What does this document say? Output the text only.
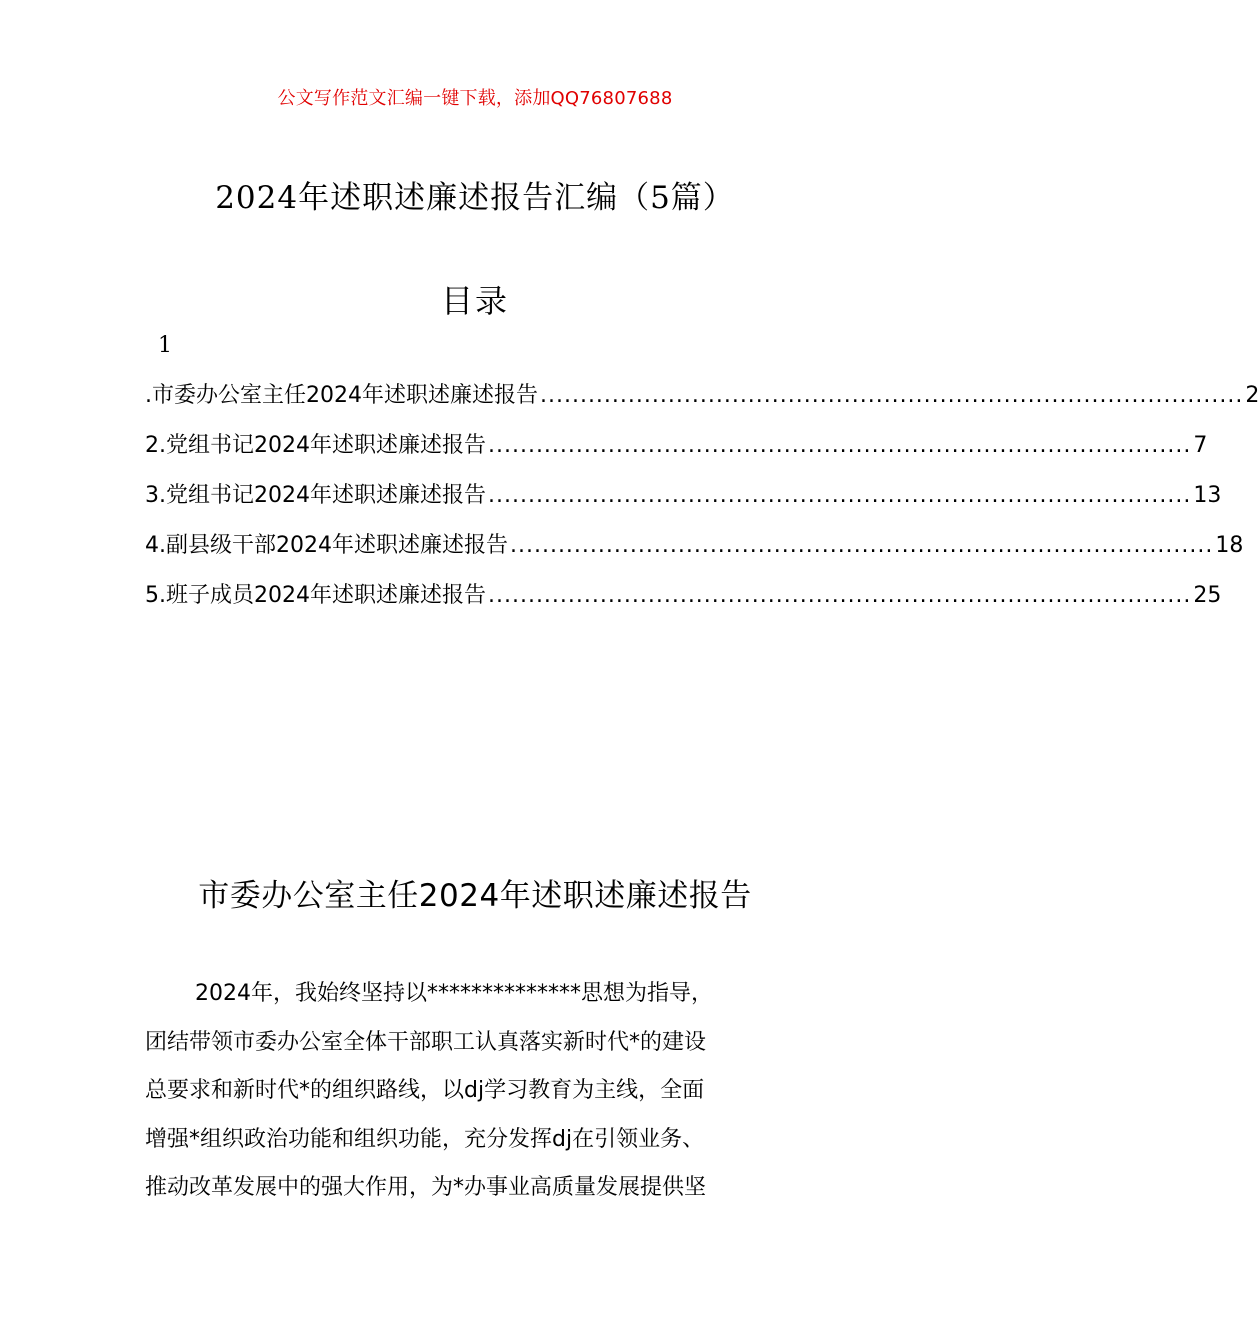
公文写作范文汇编一键下载，添加QQ76807688
2024年述职述廉述报告汇编（5篇）
目录
1
.市委办公室主任2024年述职述廉述报告 ........................................................................................ 2
2.党组书记2024年述职述廉述报告 ........................................................................................ 7
3.党组书记2024年述职述廉述报告 ........................................................................................ 13
4.副县级干部2024年述职述廉述报告 ........................................................................................ 18
5.班子成员2024年述职述廉述报告 ........................................................................................ 25
市委办公室主任2024年述职述廉述报告
2024年，我始终坚持以**************思想为指导，
团结带领市委办公室全体干部职工认真落实新时代*的建设
总要求和新时代*的组织路线，以dj学习教育为主线，全面
增强*组织政治功能和组织功能，充分发挥dj在引领业务、
推动改革发展中的强大作用，为*办事业高质量发展提供坚
